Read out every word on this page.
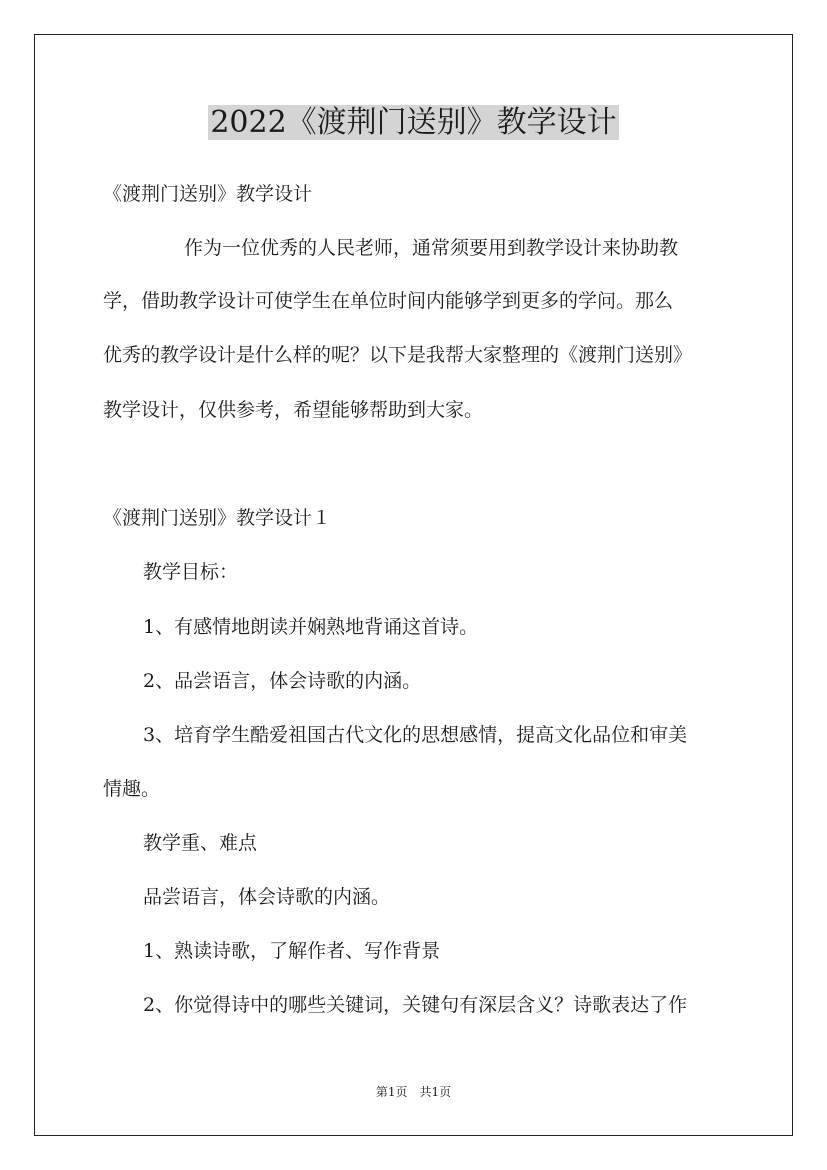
2022《渡荆门送别》教学设计
《渡荆门送别》教学设计
作为一位优秀的人民老师，通常须要用到教学设计来协助教
学，借助教学设计可使学生在单位时间内能够学到更多的学问。那么
优秀的教学设计是什么样的呢？以下是我帮大家整理的《渡荆门送别》
教学设计，仅供参考，希望能够帮助到大家。
《渡荆门送别》教学设计１
教学目标：
1、有感情地朗读并娴熟地背诵这首诗。
2、品尝语言，体会诗歌的内涵。
3、培育学生酷爱祖国古代文化的思想感情，提高文化品位和审美
情趣。
教学重、难点
品尝语言，体会诗歌的内涵。
1、熟读诗歌，了解作者、写作背景
2、你觉得诗中的哪些关键词，关键句有深层含义？诗歌表达了作
第1页　共1页
